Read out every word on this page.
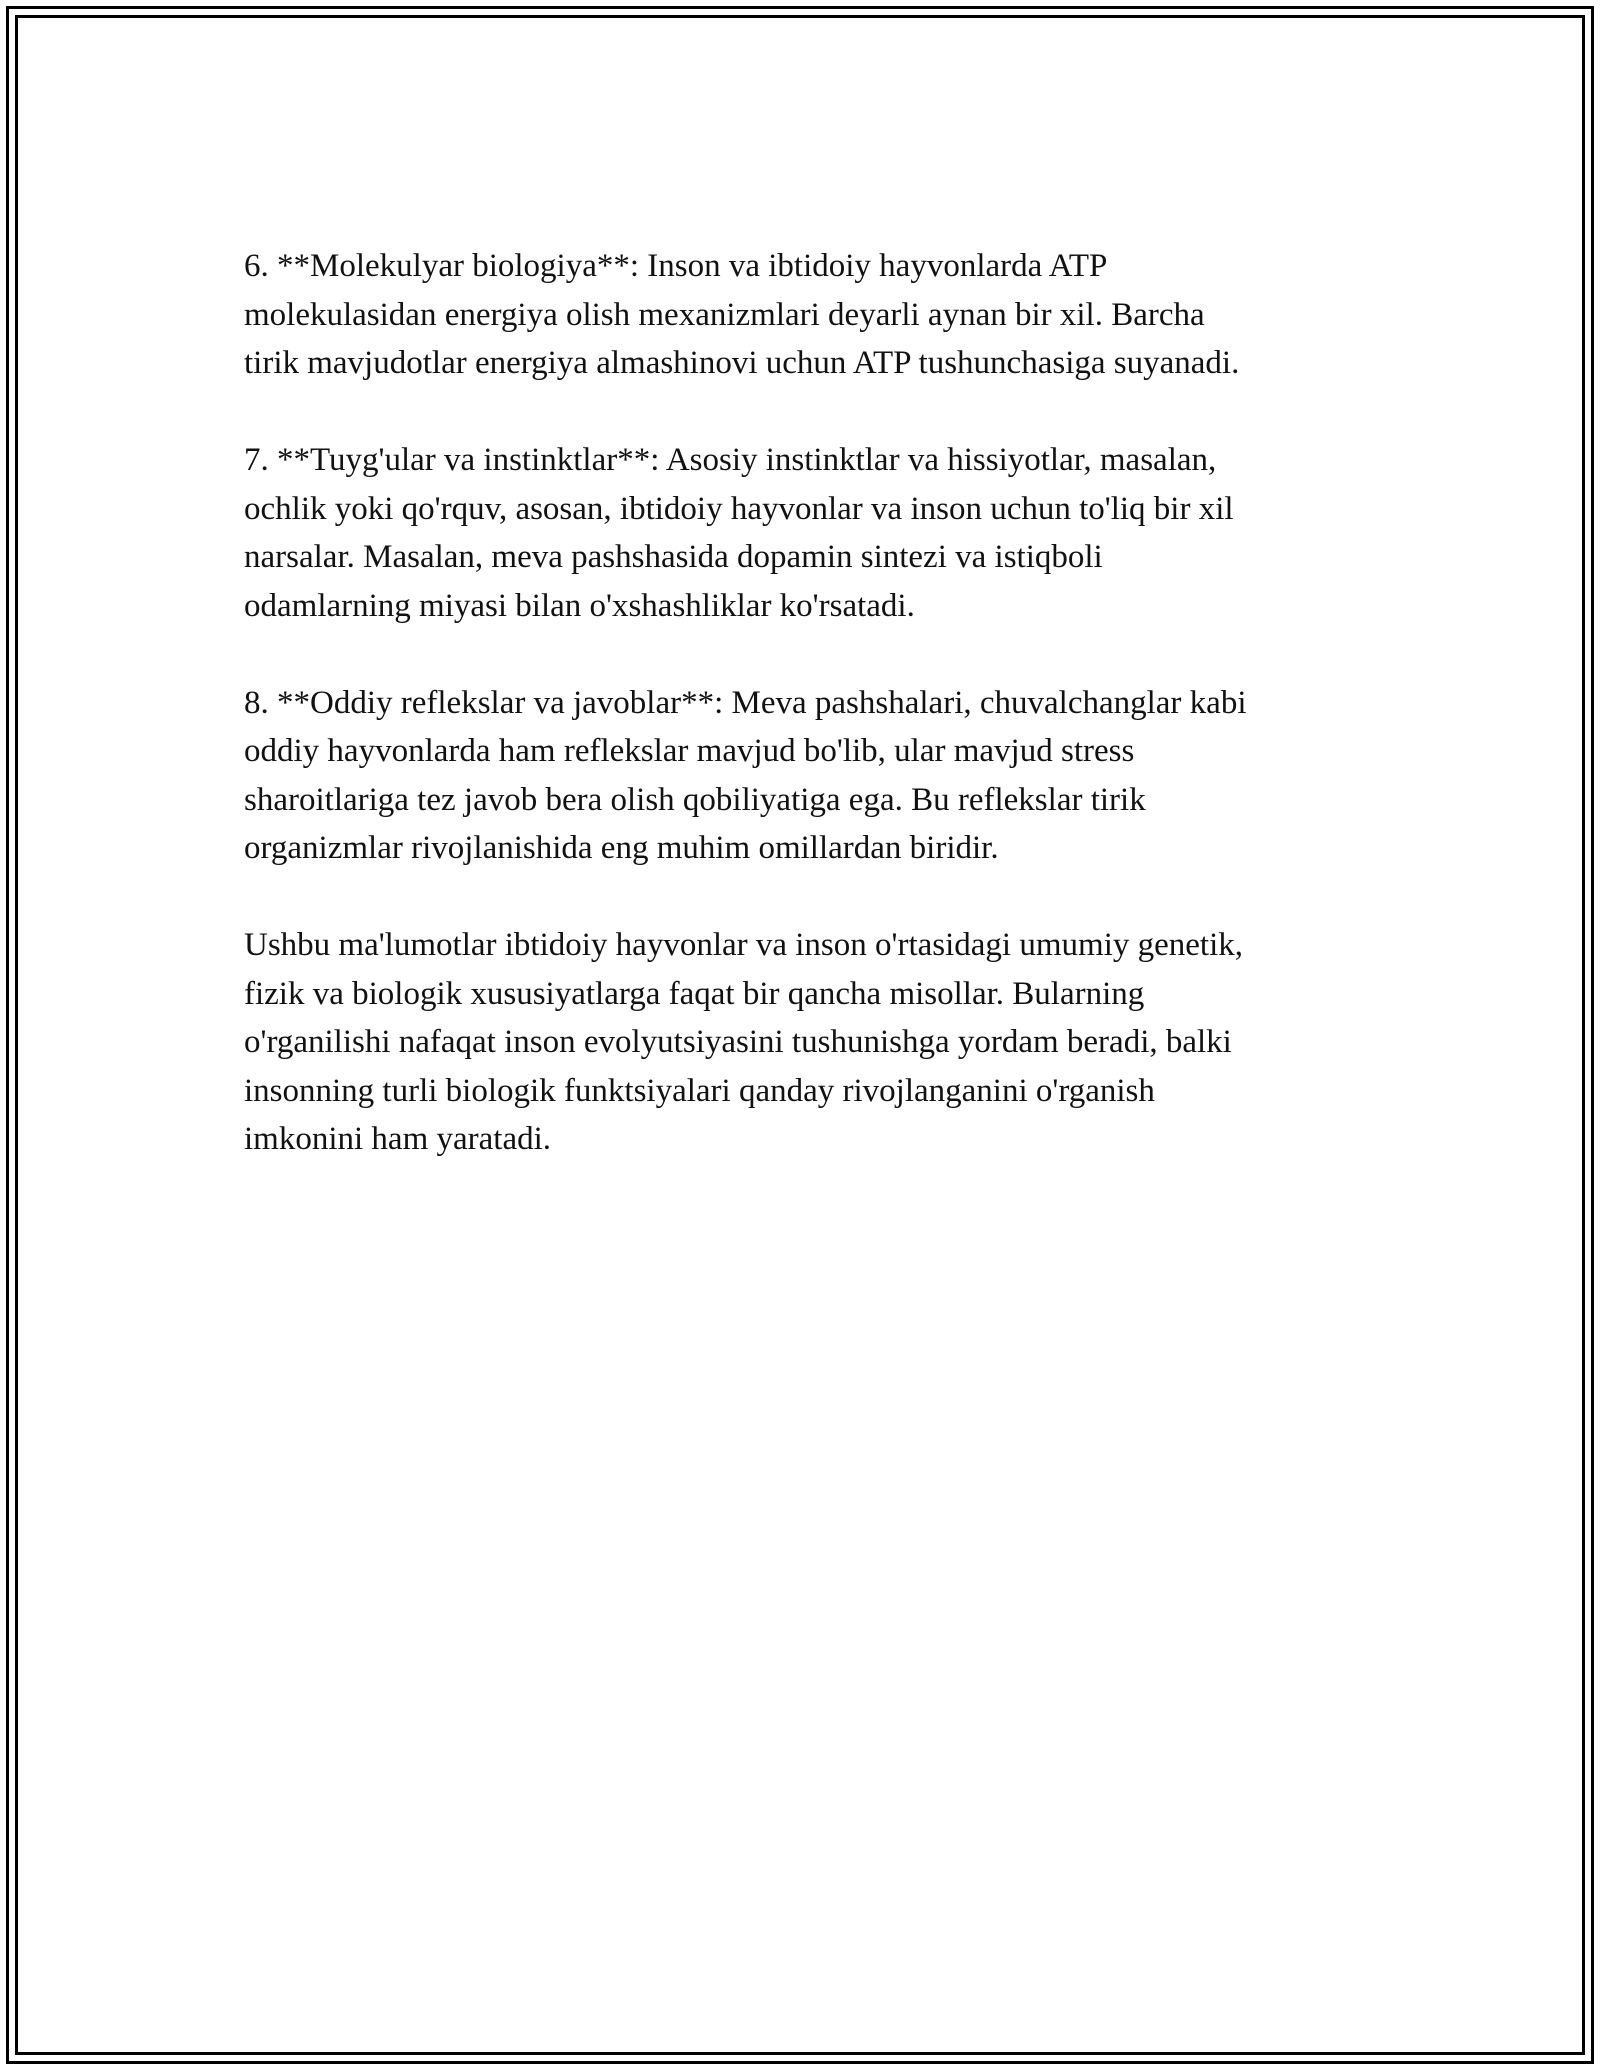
6. **Molekulyar biologiya**: Inson va ibtidoiy hayvonlarda ATP
molekulasidan energiya olish mexanizmlari deyarli aynan bir xil. Barcha
tirik mavjudotlar energiya almashinovi uchun ATP tushunchasiga suyanadi.

7. **Tuyg'ular va instinktlar**: Asosiy instinktlar va hissiyotlar, masalan,
ochlik yoki qo'rquv, asosan, ibtidoiy hayvonlar va inson uchun to'liq bir xil
narsalar. Masalan, meva pashshasida dopamin sintezi va istiqboli
odamlarning miyasi bilan o'xshashliklar ko'rsatadi.

8. **Oddiy reflekslar va javoblar**: Meva pashshalari, chuvalchanglar kabi
oddiy hayvonlarda ham reflekslar mavjud bo'lib, ular mavjud stress
sharoitlariga tez javob bera olish qobiliyatiga ega. Bu reflekslar tirik
organizmlar rivojlanishida eng muhim omillardan biridir.

Ushbu ma'lumotlar ibtidoiy hayvonlar va inson o'rtasidagi umumiy genetik,
fizik va biologik xususiyatlarga faqat bir qancha misollar. Bularning
o'rganilishi nafaqat inson evolyutsiyasini tushunishga yordam beradi, balki
insonning turli biologik funktsiyalari qanday rivojlanganini o'rganish
imkonini ham yaratadi.
